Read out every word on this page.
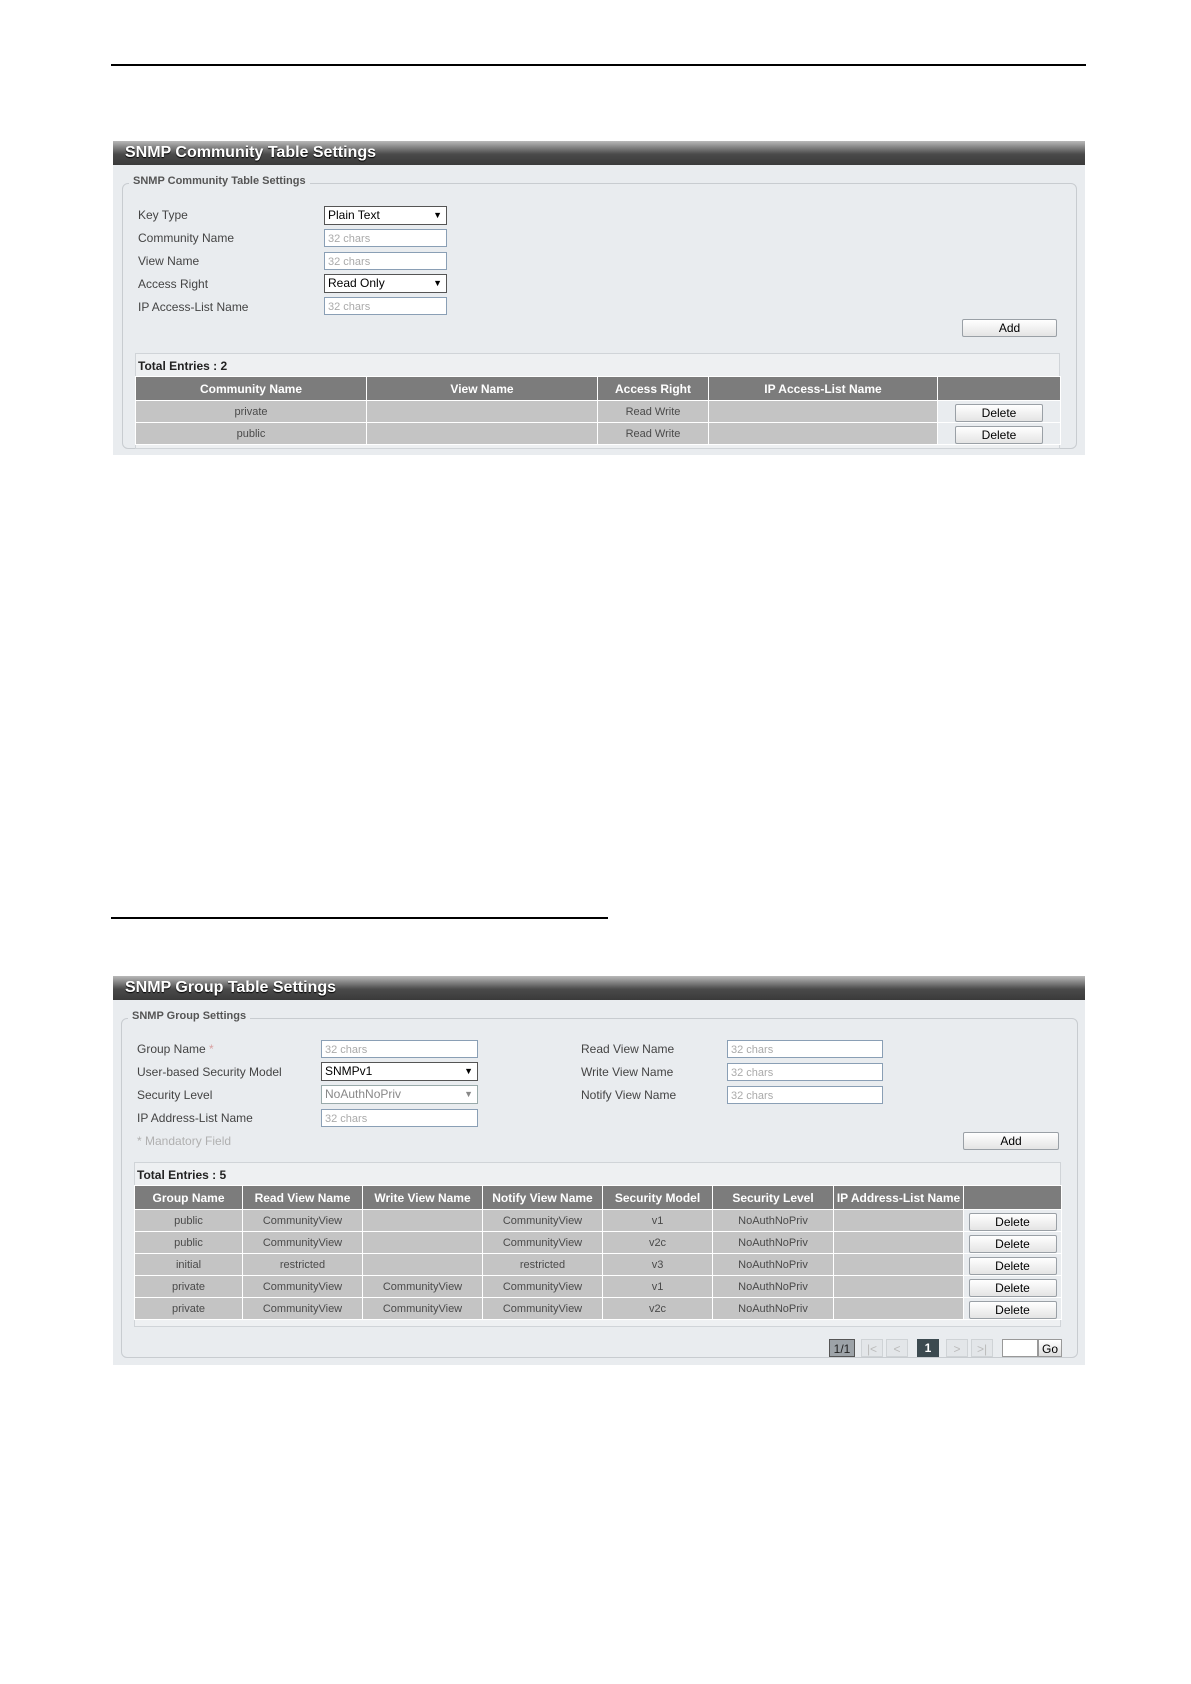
SNMP Community Table Settings
SNMP Community Table Settings
Key Type	Plain Text	▼
Community Name	32 chars
View Name	32 chars
Access Right	Read Only	▼
IP Access-List Name	32 chars
Add
Total Entries : 2
Community Name	View Name	Access Right	IP Access-List Name	
private		Read Write		Delete
public		Read Write		Delete
SNMP Group Table Settings
SNMP Group Settings
Group Name *	32 chars
User-based Security Model	SNMPv1	▼
Security Level	NoAuthNoPriv	▼
IP Address-List Name	32 chars
* Mandatory Field
Read View Name	32 chars
Write View Name	32 chars
Notify View Name	32 chars
Add
Total Entries : 5
Group Name	Read View Name	Write View Name	Notify View Name	Security Model	Security Level	IP Address-List Name	
public	CommunityView		CommunityView	v1	NoAuthNoPriv		Delete
public	CommunityView		CommunityView	v2c	NoAuthNoPriv		Delete
initial	restricted		restricted	v3	NoAuthNoPriv		Delete
private	CommunityView	CommunityView	CommunityView	v1	NoAuthNoPriv		Delete
private	CommunityView	CommunityView	CommunityView	v2c	NoAuthNoPriv		Delete
1/1	|<	<	1	>	>|	Go
